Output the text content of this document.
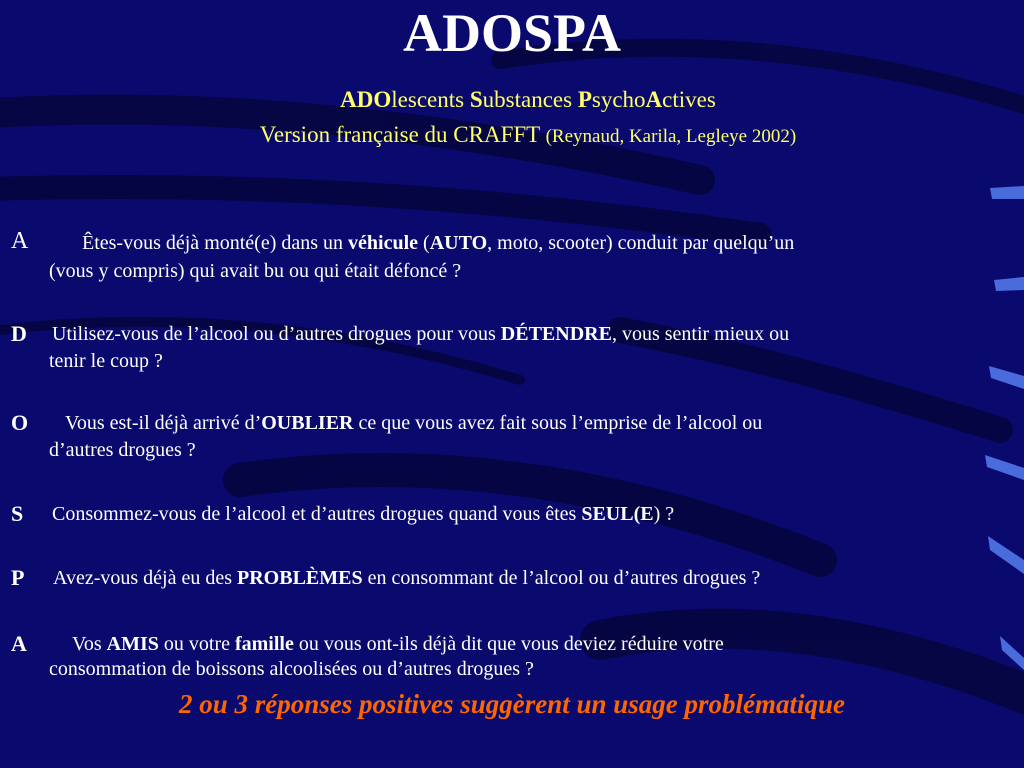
ADOSPA
ADOlescents Substances PsychoActives
Version française du CRAFFT (Reynaud, Karila, Legleye 2002)
A	Êtes-vous déjà monté(e) dans un véhicule (AUTO, moto, scooter) conduit par quelqu’un
(vous y compris) qui avait bu ou qui était défoncé ?
D Utilisez-vous de l’alcool ou d’autres drogues pour vous DÉTENDRE, vous sentir mieux ou
tenir le coup ?
O Vous est-il déjà arrivé d’OUBLIER ce que vous avez fait sous l’emprise de l’alcool ou
d’autres drogues ?
S Consommez-vous de l’alcool et d’autres drogues quand vous êtes SEUL(E) ?
P Avez-vous déjà eu des PROBLÈMES en consommant de l’alcool ou d’autres drogues ?
A Vos AMIS ou votre famille ou vous ont-ils déjà dit que vous deviez réduire votre
consommation de boissons alcoolisées ou d’autres drogues ?
2 ou 3 réponses positives suggèrent un usage problématique
